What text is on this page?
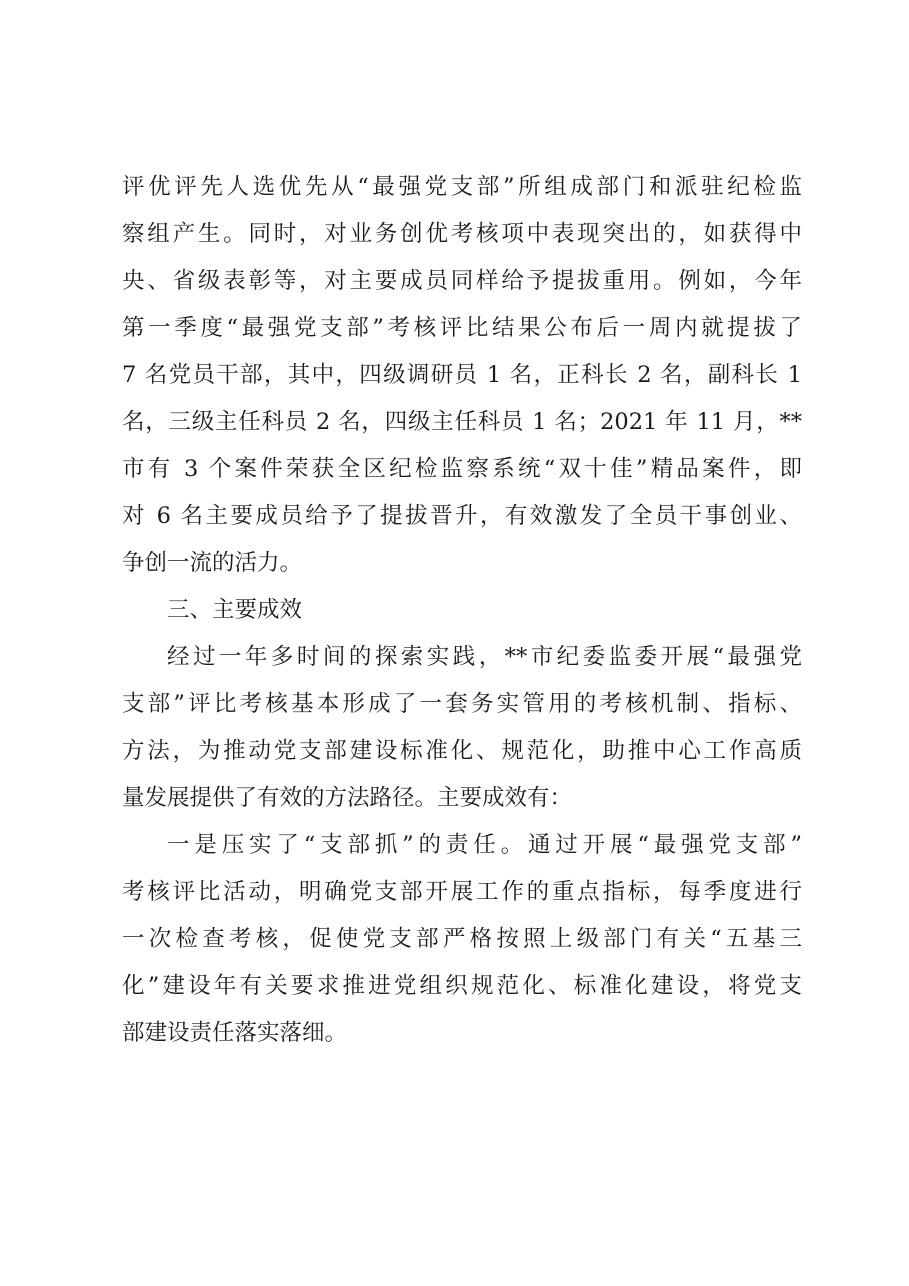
评优评先人选优先从“最强党支部”所组成部门和派驻纪检监
察组产生。同时，对业务创优考核项中表现突出的，如获得中
央、省级表彰等，对主要成员同样给予提拔重用。例如，今年
第一季度“最强党支部”考核评比结果公布后一周内就提拔了
7 名党员干部，其中，四级调研员 1 名，正科长 2 名，副科长 1
名，三级主任科员 2 名，四级主任科员 1 名；2021 年 11 月，**
市有 3 个案件荣获全区纪检监察系统“双十佳”精品案件，即
对 6 名主要成员给予了提拔晋升，有效激发了全员干事创业、
争创一流的活力。
三、主要成效
经过一年多时间的探索实践，**市纪委监委开展“最强党
支部”评比考核基本形成了一套务实管用的考核机制、指标、
方法，为推动党支部建设标准化、规范化，助推中心工作高质
量发展提供了有效的方法路径。主要成效有：
一是压实了“支部抓”的责任。通过开展“最强党支部”
考核评比活动，明确党支部开展工作的重点指标，每季度进行
一次检查考核，促使党支部严格按照上级部门有关“五基三
化”建设年有关要求推进党组织规范化、标准化建设，将党支
部建设责任落实落细。
